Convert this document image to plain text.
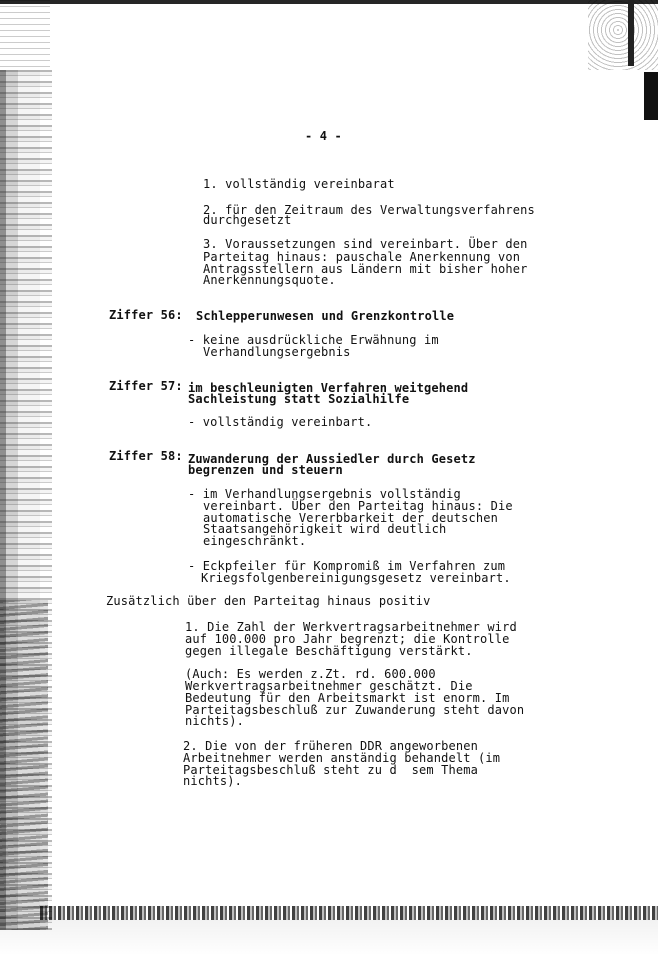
- 4 -
1. vollständig vereinbarat
2. für den Zeitraum des Verwaltungsverfahrens
durchgesetzt
3. Voraussetzungen sind vereinbart. Über den
Parteitag hinaus: pauschale Anerkennung von
Antragsstellern aus Ländern mit bisher hoher
Anerkennungsquote.
Ziffer 56: Schlepperunwesen und Grenzkontrolle
- keine ausdrückliche Erwähnung im
Verhandlungsergebnis
Ziffer 57: im beschleunigten Verfahren weitgehend
Sachleistung statt Sozialhilfe
- vollständig vereinbart.
Ziffer 58: Zuwanderung der Aussiedler durch Gesetz
begrenzen und steuern
- im Verhandlungsergebnis vollständig
vereinbart. Über den Parteitag hinaus: Die
automatische Vererbbarkeit der deutschen
Staatsangehörigkeit wird deutlich
eingeschränkt.
- Eckpfeiler für Kompromiß im Verfahren zum
Kriegsfolgenbereinigungsgesetz vereinbart.
Zusätzlich über den Parteitag hinaus positiv
1. Die Zahl der Werkvertragsarbeitnehmer wird
auf 100.000 pro Jahr begrenzt; die Kontrolle
gegen illegale Beschäftigung verstärkt.
(Auch: Es werden z.Zt. rd. 600.000
Werkvertragsarbeitnehmer geschätzt. Die
Bedeutung für den Arbeitsmarkt ist enorm. Im
Parteitagsbeschluß zur Zuwanderung steht davon
nichts).
2. Die von der früheren DDR angeworbenen
Arbeitnehmer werden anständig behandelt (im
Parteitagsbeschluß steht zu d  sem Thema
nichts).
